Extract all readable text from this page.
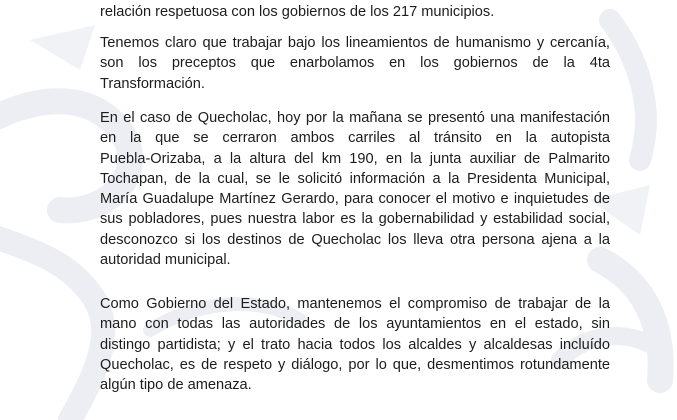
relación respetuosa con los gobiernos de los 217 municipios.
Tenemos claro que trabajar bajo los lineamientos de humanismo y cercanía,
son los preceptos que enarbolamos en los gobiernos de la 4ta
Transformación.
En el caso de Quecholac, hoy por la mañana se presentó una manifestación
en la que se cerraron ambos carriles al tránsito en la autopista
Puebla-Orizaba, a la altura del km 190, en la junta auxiliar de Palmarito
Tochapan, de la cual, se le solicitó información a la Presidenta Municipal,
María Guadalupe Martínez Gerardo, para conocer el motivo e inquietudes de
sus pobladores, pues nuestra labor es la gobernabilidad y estabilidad social,
desconozco si los destinos de Quecholac los lleva otra persona ajena a la
autoridad municipal.
Como Gobierno del Estado, mantenemos el compromiso de trabajar de la
mano con todas las autoridades de los ayuntamientos en el estado, sin
distingo partidista; y el trato hacia todos los alcaldes y alcaldesas incluído
Quecholac, es de respeto y diálogo, por lo que, desmentimos rotundamente
algún tipo de amenaza.
